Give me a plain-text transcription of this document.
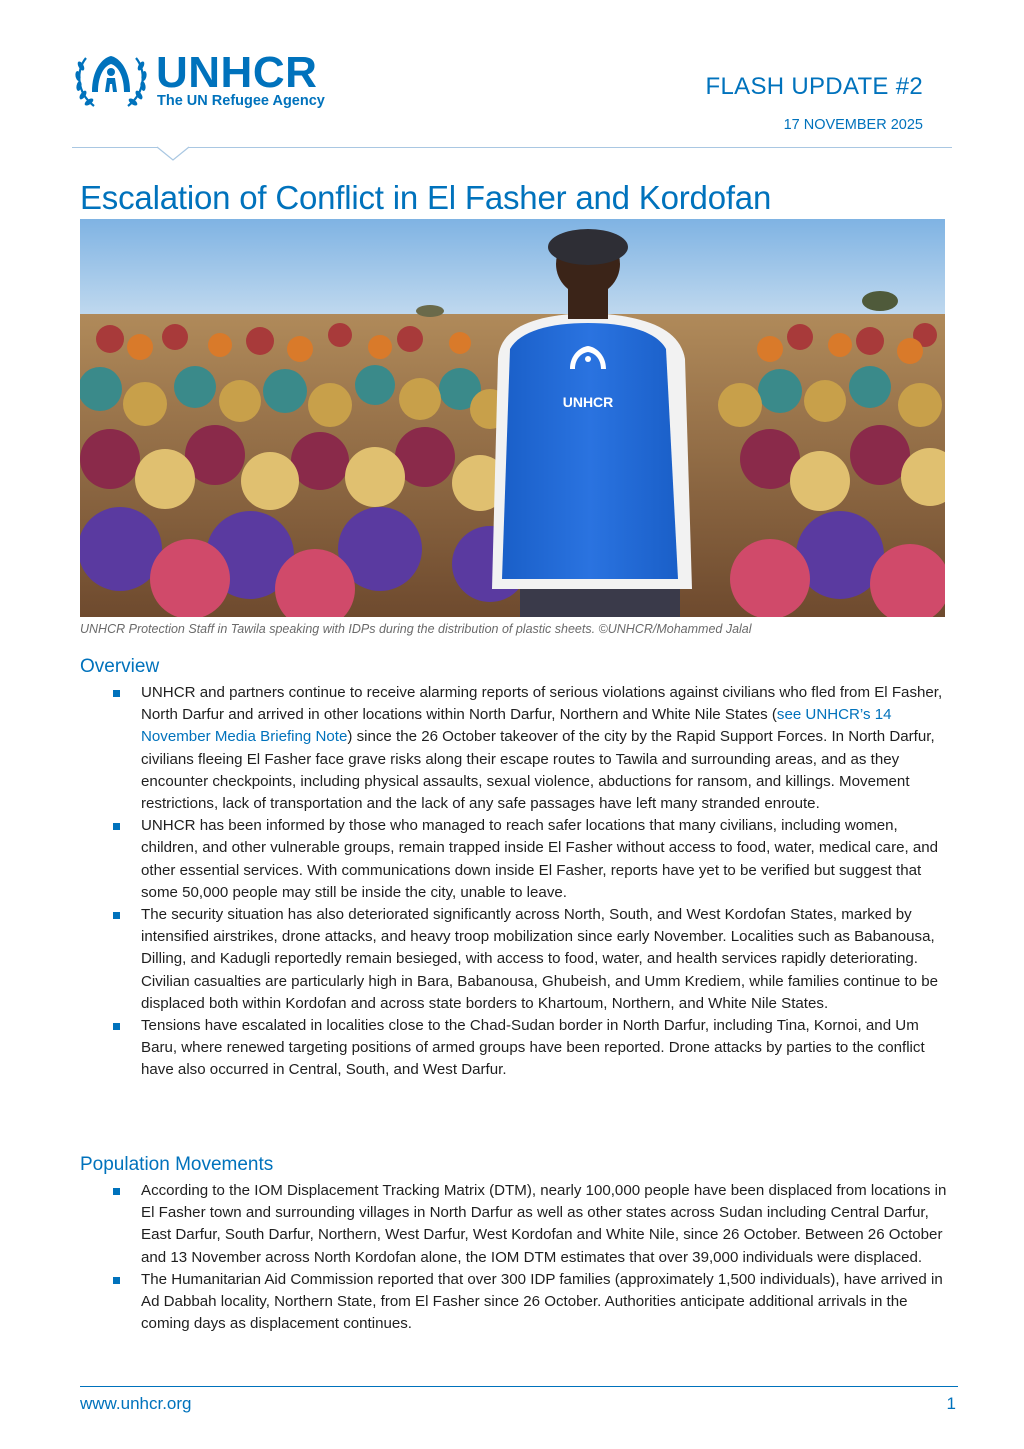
UNHCR
The UN Refugee Agency
FLASH UPDATE #2
17 NOVEMBER 2025
Escalation of Conflict in El Fasher and Kordofan
UNHCR
UNHCR Protection Staff in Tawila speaking with IDPs during the distribution of plastic sheets. ©UNHCR/Mohammed Jalal
Overview
UNHCR and partners continue to receive alarming reports of serious violations against civilians who fled from El Fasher, North Darfur and arrived in other locations within North Darfur, Northern and White Nile States (see UNHCR’s 14 November Media Briefing Note) since the 26 October takeover of the city by the Rapid Support Forces. In North Darfur, civilians fleeing El Fasher face grave risks along their escape routes to Tawila and surrounding areas, and as they encounter checkpoints, including physical assaults, sexual violence, abductions for ransom, and killings. Movement restrictions, lack of transportation and the lack of any safe passages have left many stranded enroute.
UNHCR has been informed by those who managed to reach safer locations that many civilians, including women, children, and other vulnerable groups, remain trapped inside El Fasher without access to food, water, medical care, and other essential services. With communications down inside El Fasher, reports have yet to be verified but suggest that some 50,000 people may still be inside the city, unable to leave.
The security situation has also deteriorated significantly across North, South, and West Kordofan States, marked by intensified airstrikes, drone attacks, and heavy troop mobilization since early November. Localities such as Babanousa, Dilling, and Kadugli reportedly remain besieged, with access to food, water, and health services rapidly deteriorating. Civilian casualties are particularly high in Bara, Babanousa, Ghubeish, and Umm Krediem, while families continue to be displaced both within Kordofan and across state borders to Khartoum, Northern, and White Nile States.
Tensions have escalated in localities close to the Chad-Sudan border in North Darfur, including Tina, Kornoi, and Um Baru, where renewed targeting positions of armed groups have been reported. Drone attacks by parties to the conflict have also occurred in Central, South, and West Darfur.
Population Movements
According to the IOM Displacement Tracking Matrix (DTM), nearly 100,000 people have been displaced from locations in El Fasher town and surrounding villages in North Darfur as well as other states across Sudan including Central Darfur, East Darfur, South Darfur, Northern, West Darfur, West Kordofan and White Nile, since 26 October. Between 26 October and 13 November across North Kordofan alone, the IOM DTM estimates that over 39,000 individuals were displaced.
The Humanitarian Aid Commission reported that over 300 IDP families (approximately 1,500 individuals), have arrived in Ad Dabbah locality, Northern State, from El Fasher since 26 October. Authorities anticipate additional arrivals in the coming days as displacement continues.
www.unhcr.org	1
